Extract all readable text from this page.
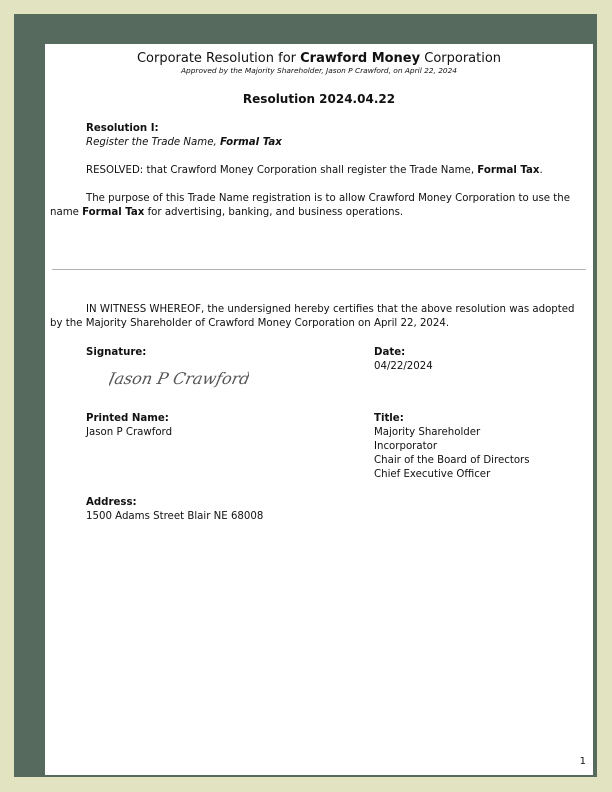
Corporate Resolution for Crawford Money Corporation
Approved by the Majority Shareholder, Jason P Crawford, on April 22, 2024
Resolution 2024.04.22
Resolution I:
Register the Trade Name, Formal Tax
RESOLVED: that Crawford Money Corporation shall register the Trade Name, Formal Tax.
The purpose of this Trade Name registration is to allow Crawford Money Corporation to use the name Formal Tax for advertising, banking, and business operations.
IN WITNESS WHEREOF, the undersigned hereby certifies that the above resolution was adopted by the Majority Shareholder of Crawford Money Corporation on April 22, 2024.
Signature:
Jason P Crawford
Date:
04/22/2024
Printed Name:
Jason P Crawford
Title:
Majority Shareholder
Incorporator
Chair of the Board of Directors
Chief Executive Officer
Address:
1500 Adams Street Blair NE 68008
1
